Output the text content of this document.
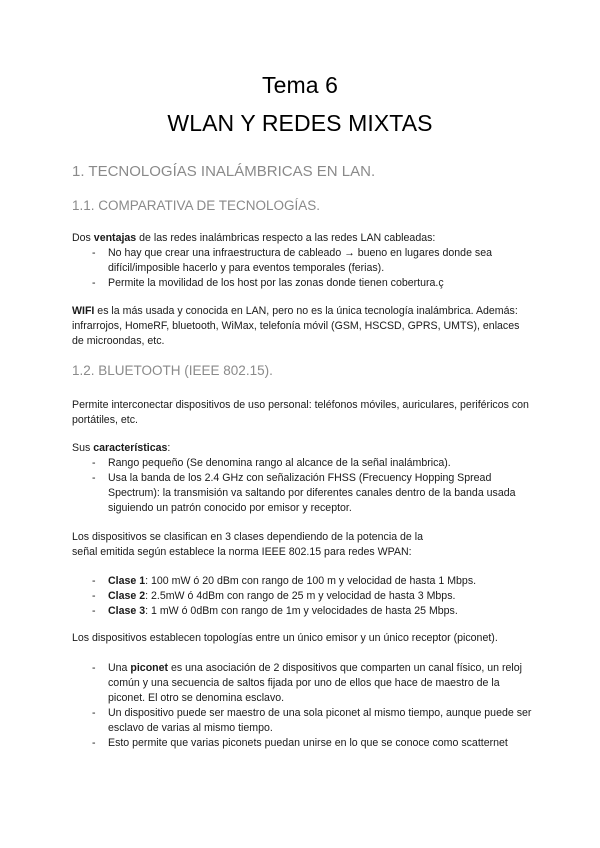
Tema 6
WLAN Y REDES MIXTAS
1. TECNOLOGÍAS INALÁMBRICAS EN LAN.
1.1. COMPARATIVA DE TECNOLOGÍAS.
Dos ventajas de las redes inalámbricas respecto a las redes LAN cableadas:
- No hay que crear una infraestructura de cableado → bueno en lugares donde sea difícil/imposible hacerlo y para eventos temporales (ferias).
- Permite la movilidad de los host por las zonas donde tienen cobertura.ç
WIFI es la más usada y conocida en LAN, pero no es la única tecnología inalámbrica. Además: infrarrojos, HomeRF, bluetooth, WiMax, telefonía móvil (GSM, HSCSD, GPRS, UMTS), enlaces de microondas, etc.
1.2. BLUETOOTH (IEEE 802.15).
Permite interconectar dispositivos de uso personal: teléfonos móviles, auriculares, periféricos con portátiles, etc.
Sus características:
- Rango pequeño (Se denomina rango al alcance de la señal inalámbrica).
- Usa la banda de los 2.4 GHz con señalización FHSS (Frecuency Hopping Spread Spectrum): la transmisión va saltando por diferentes canales dentro de la banda usada siguiendo un patrón conocido por emisor y receptor.
Los dispositivos se clasifican en 3 clases dependiendo de la potencia de la
señal emitida según establece la norma IEEE 802.15 para redes WPAN:
- Clase 1: 100 mW ó 20 dBm con rango de 100 m y velocidad de hasta 1 Mbps.
- Clase 2: 2.5mW ó 4dBm con rango de 25 m y velocidad de hasta 3 Mbps.
- Clase 3: 1 mW ó 0dBm con rango de 1m y velocidades de hasta 25 Mbps.
Los dispositivos establecen topologías entre un único emisor y un único receptor (piconet).
- Una piconet es una asociación de 2 dispositivos que comparten un canal físico, un reloj común y una secuencia de saltos fijada por uno de ellos que hace de maestro de la piconet. El otro se denomina esclavo.
- Un dispositivo puede ser maestro de una sola piconet al mismo tiempo, aunque puede ser esclavo de varias al mismo tiempo.
- Esto permite que varias piconets puedan unirse en lo que se conoce como scatternet
